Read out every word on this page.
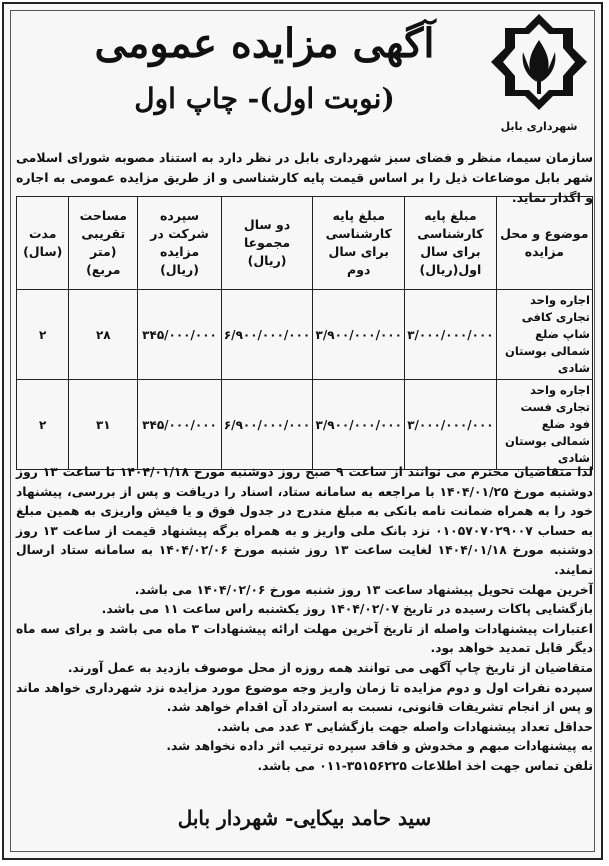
شهرداری بابل
آگهی مزایده عمومی
(نوبت اول)- چاپ اول
سازمان سیما، منظر و فضای سبز شهرداری بابل در نظر دارد به استناد مصوبه شورای اسلامی شهر بابل موضاعات ذیل را بر اساس قیمت پایه کارشناسی و از طریق مزایده عمومی به اجاره و اگذار نماید.
موضوع و محل مزایده	مبلغ پایه کارشناسی برای سال اول(ریال)	مبلغ پایه کارشناسی برای سال دوم	دو سال مجموعا (ریال)	سپرده شرکت در مزایده (ریال)	مساحت تقریبی (متر مربع)	مدت (سال)
اجاره واحد تجاری کافی شاپ ضلع شمالی بوستان شادی	۳/۰۰۰/۰۰۰/۰۰۰	۳/۹۰۰/۰۰۰/۰۰۰	۶/۹۰۰/۰۰۰/۰۰۰	۳۴۵/۰۰۰/۰۰۰	۲۸	۲
اجاره واحد تجاری فست فود ضلع شمالی بوستان شادی	۳/۰۰۰/۰۰۰/۰۰۰	۳/۹۰۰/۰۰۰/۰۰۰	۶/۹۰۰/۰۰۰/۰۰۰	۳۴۵/۰۰۰/۰۰۰	۳۱	۲

لذا متقاضیان محترم می توانند از ساعت ۹ صبح روز دوشنبه مورخ ۱۴۰۴/۰۱/۱۸ تا ساعت ۱۳ روز دوشنبه مورخ ۱۴۰۴/۰۱/۲۵ با مراجعه به سامانه ستاد، اسناد را دریافت و پس از بررسی، پیشنهاد خود را به همراه ضمانت نامه بانکی به مبلغ مندرج در جدول فوق و یا فیش واریزی به همین مبلغ به حساب ۰۱۰۵۷۰۷۰۲۹۰۰۷ نزد بانک ملی واریز و به همراه برگه پیشنهاد قیمت از ساعت ۱۳ روز دوشنبه مورخ ۱۴۰۴/۰۱/۱۸ لغایت ساعت ۱۳ روز شنبه مورخ ۱۴۰۴/۰۲/۰۶ به سامانه ستاد ارسال نمایند.

آخرین مهلت تحویل پیشنهاد ساعت ۱۳ روز شنبه مورخ ۱۴۰۴/۰۲/۰۶ می باشد.

بازگشایی پاکات رسیده در تاریخ ۱۴۰۴/۰۲/۰۷ روز یکشنبه راس ساعت ۱۱ می باشد.

اعتبارات پیشنهادات واصله از تاریخ آخرین مهلت ارائه پیشنهادات ۳ ماه می باشد و برای سه ماه دیگر قابل تمدید خواهد بود.

متقاضیان از تاریخ چاپ آگهی می توانند همه روزه از محل موصوف بازدید به عمل آورند.

سپرده نفرات اول و دوم مزایده تا زمان واریز وجه موضوع مورد مزایده نزد شهرداری خواهد ماند و پس از انجام تشریفات قانونی، نسبت به استرداد آن اقدام خواهد شد.

حداقل تعداد پیشنهادات واصله جهت بازگشایی ۳ عدد می باشد.

به پیشنهادات مبهم و مخدوش و فاقد سپرده ترتیب اثر داده نخواهد شد.

تلفن تماس جهت اخذ اطلاعات ۳۵۱۵۶۲۲۵-۰۱۱ می باشد.

سید حامد بیکایی- شهردار بابل
